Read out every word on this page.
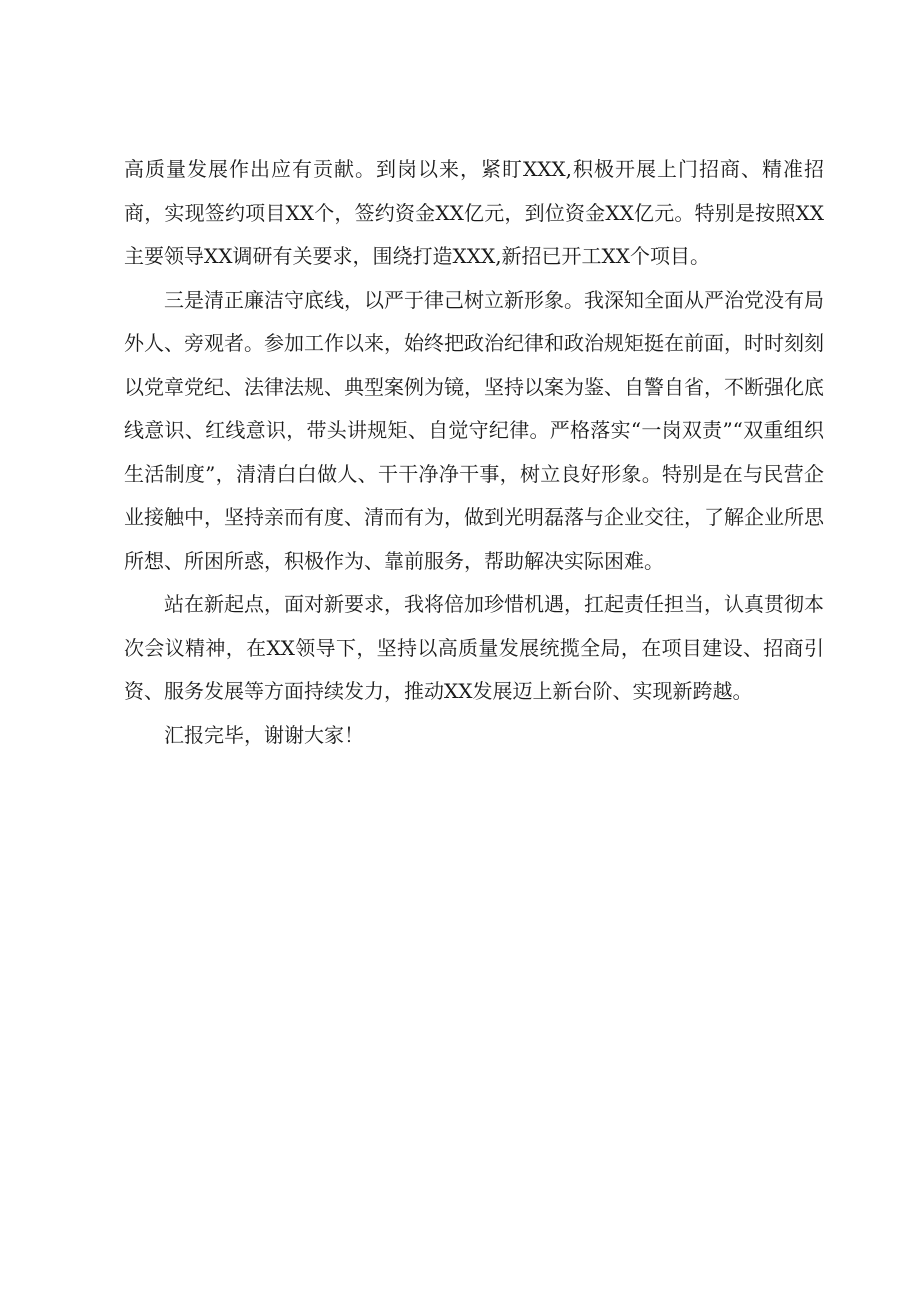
高质量发展作出应有贡献。到岗以来，紧盯XXX,积极开展上门招商、精准招商，实现签约项目XX个，签约资金XX亿元，到位资金XX亿元。特别是按照XX主要领导XX调研有关要求，围绕打造XXX,新招已开工XX个项目。

三是清正廉洁守底线，以严于律己树立新形象。我深知全面从严治党没有局外人、旁观者。参加工作以来，始终把政治纪律和政治规矩挺在前面，时时刻刻以党章党纪、法律法规、典型案例为镜，坚持以案为鉴、自警自省，不断强化底线意识、红线意识，带头讲规矩、自觉守纪律。严格落实“一岗双责”“双重组织生活制度”，清清白白做人、干干净净干事，树立良好形象。特别是在与民营企业接触中，坚持亲而有度、清而有为，做到光明磊落与企业交往，了解企业所思所想、所困所惑，积极作为、靠前服务，帮助解决实际困难。

站在新起点，面对新要求，我将倍加珍惜机遇，扛起责任担当，认真贯彻本次会议精神，在XX领导下，坚持以高质量发展统揽全局，在项目建设、招商引资、服务发展等方面持续发力，推动XX发展迈上新台阶、实现新跨越。

汇报完毕，谢谢大家！
